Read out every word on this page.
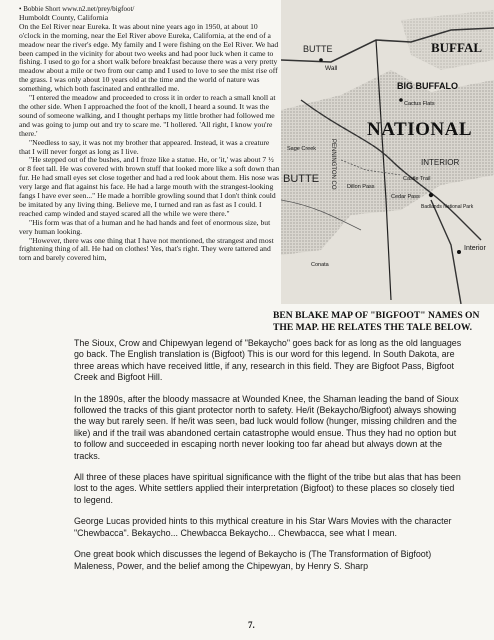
• Bobbie Short www.n2.net/prey/bigfoot/

Humboldt County, California

On the Eel River near Eureka. It was about nine years ago in 1950, at about 10 o'clock in the morning, near the Eel River above Eureka, California, at the end of a meadow near the river's edge. My family and I were fishing on the Eel River. We had been camped in the vicinity for about two weeks and had poor luck when it came to fishing. I used to go for a short walk before breakfast because there was a very pretty meadow about a mile or two from our camp and I used to love to see the mist rise off the grass. I was only about 10 years old at the time and the world of nature was something, which both fascinated and enthralled me.

"I entered the meadow and proceeded to cross it in order to reach a small knoll at the other side. When I approached the foot of the knoll, I heard a sound. It was the sound of someone walking, and I thought perhaps my little brother had followed me and was going to jump out and try to scare me. "I hollered. 'All right, I know you're there.'

"Needless to say, it was not my brother that appeared. Instead, it was a creature that I will never forget as long as I live.

"He stepped out of the bushes, and I froze like a statue. He, or 'it,' was about 7 ½ or 8 feet tall. He was covered with brown stuff that looked more like a soft down than fur. He had small eyes set close together and had a red look about them. His nose was very large and flat against his face. He had a large mouth with the strangest-looking fangs I have ever seen..." He made a horrible growling sound that I don't think could be imitated by any living thing. Believe me, I turned and ran as fast as I could. I reached camp winded and stayed scared all the while we were there."

"His form was that of a human and he had hands and feet of enormous size, but very human looking.

"However, there was one thing that I have not mentioned, the strangest and most frightening thing of all. He had on clothes! Yes, that's right. They were tattered and torn and barely covered him,

BUTTE	BUFFAL
BIG BUFFALO
NATIONAL
INTERIOR
BUTTE PENNINGTON CO
Interior
Wall
Cactus Flats
Castle Trail
Cedar Pass
Badlands National Park
Conata
Sage Creek
Dillon Pass
BEN BLAKE MAP OF "BIGFOOT" NAMES ON THE MAP. HE RELATES THE TALE BELOW.

The Sioux, Crow and Chipewyan legend of "Bekaycho" goes back for as long as the old languages go back. The English translation is (Bigfoot) This is our word for this legend. In South Dakota, are three areas which have received little, if any, research in this field. They are Bigfoot Pass, Bigfoot Creek and Bigfoot Hill.

In the 1890s, after the bloody massacre at Wounded Knee, the Shaman leading the band of Sioux followed the tracks of this giant protector north to safety. He/it (Bekaycho/Bigfoot) always showing the way but rarely seen. If he/it was seen, bad luck would follow (hunger, missing children and the like) and if the trail was abandoned certain catastrophe would ensue. Thus they had no option but to follow and succeeded in escaping north never looking too far ahead but always down at the tracks.

All three of these places have spiritual significance with the flight of the tribe but alas that has been lost to the ages. White settlers applied their interpretation (Bigfoot) to these places so closely tied to legend.

George Lucas provided hints to this mythical creature in his Star Wars Movies with the character "Chewbacca". Bekaycho... Chewbacca Bekaycho... Chewbacca, see what I mean.

One great book which discusses the legend of Bekaycho is (The Transformation of Bigfoot) Maleness, Power, and the belief among the Chipewyan, by Henry S. Sharp

7.
